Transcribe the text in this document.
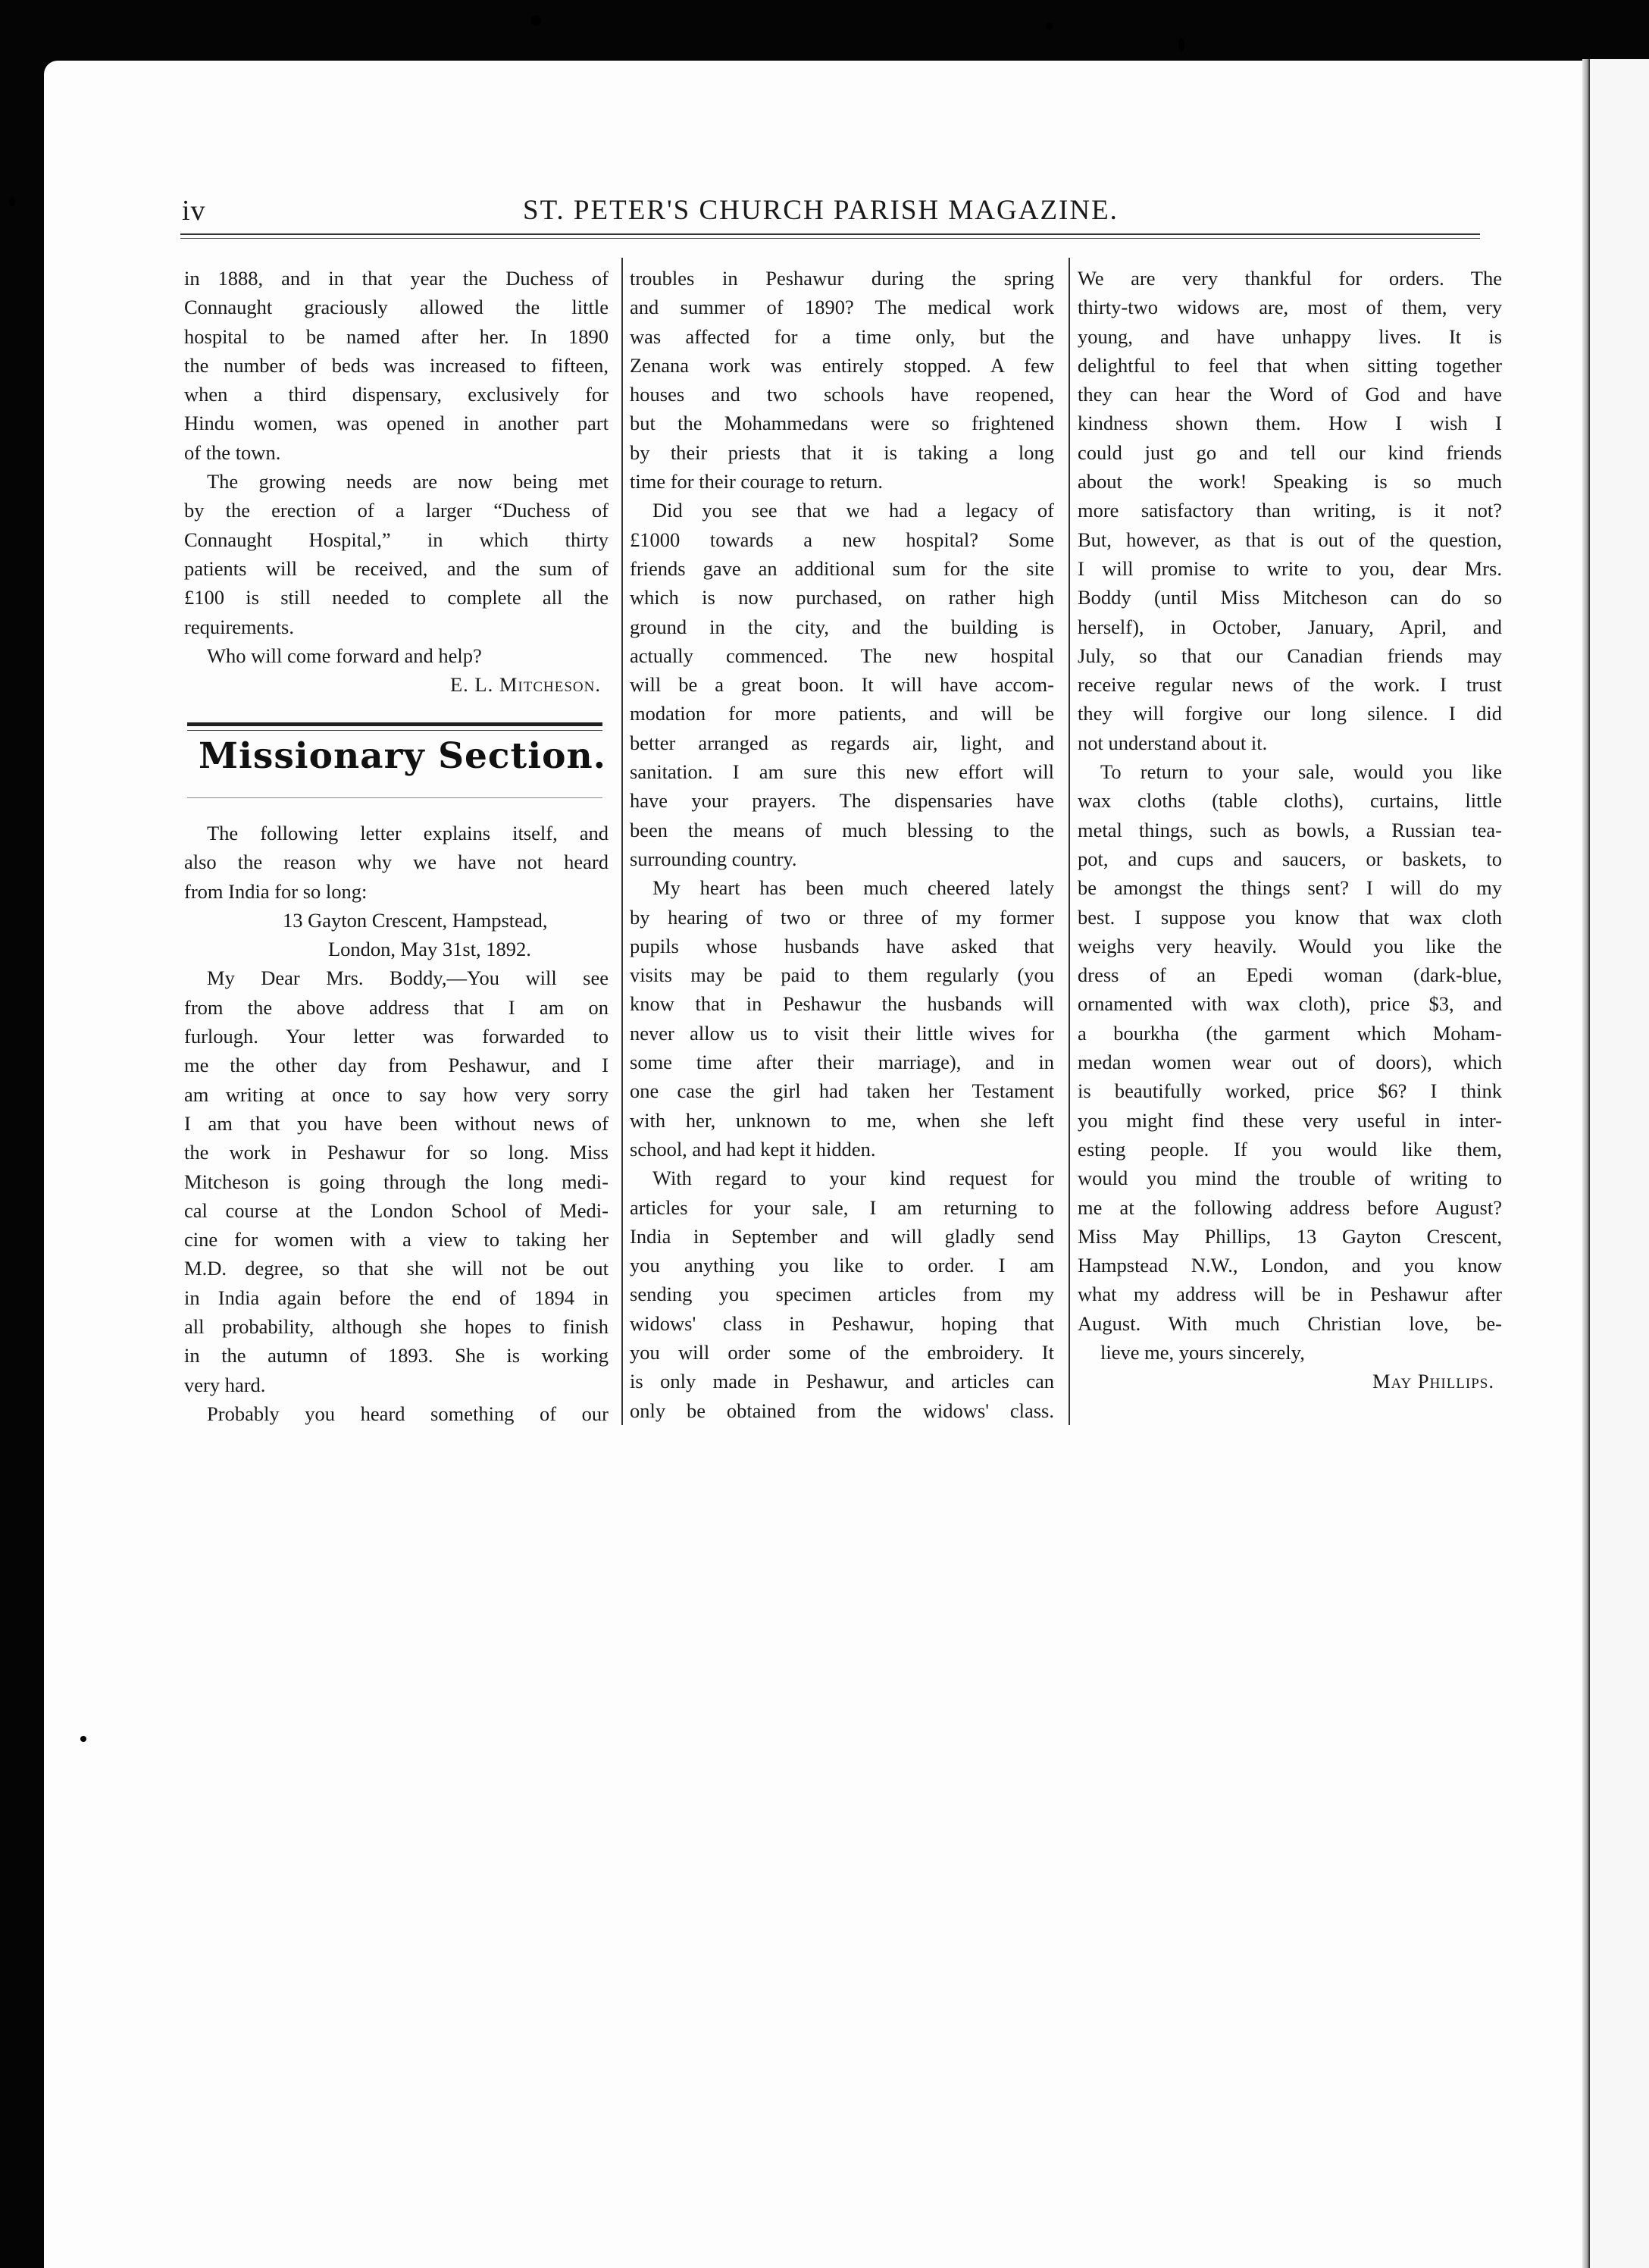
iv	ST. PETER'S CHURCH PARISH MAGAZINE.
in 1888, and in that year the Duchess of
Connaught graciously allowed the little
hospital to be named after her. In 1890
the number of beds was increased to fifteen,
when a third dispensary, exclusively for
Hindu women, was opened in another part
of the town.
The growing needs are now being met
by the erection of a larger “Duchess of
Connaught Hospital,” in which thirty
patients will be received, and the sum of
£100 is still needed to complete all the
requirements.
Who will come forward and help?
E. L. Mitcheson.
Missionary Section.
The following letter explains itself, and
also the reason why we have not heard
from India for so long:
13 Gayton Crescent, Hampstead,
London, May 31st, 1892.
My Dear Mrs. Boddy,—You will see
from the above address that I am on
furlough. Your letter was forwarded to
me the other day from Peshawur, and I
am writing at once to say how very sorry
I am that you have been without news of
the work in Peshawur for so long. Miss
Mitcheson is going through the long medi-
cal course at the London School of Medi-
cine for women with a view to taking her
M.D. degree, so that she will not be out
in India again before the end of 1894 in
all probability, although she hopes to finish
in the autumn of 1893. She is working
very hard.
Probably you heard something of our
troubles in Peshawur during the spring
and summer of 1890? The medical work
was affected for a time only, but the
Zenana work was entirely stopped. A few
houses and two schools have reopened,
but the Mohammedans were so frightened
by their priests that it is taking a long
time for their courage to return.
Did you see that we had a legacy of
£1000 towards a new hospital? Some
friends gave an additional sum for the site
which is now purchased, on rather high
ground in the city, and the building is
actually commenced. The new hospital
will be a great boon. It will have accom-
modation for more patients, and will be
better arranged as regards air, light, and
sanitation. I am sure this new effort will
have your prayers. The dispensaries have
been the means of much blessing to the
surrounding country.
My heart has been much cheered lately
by hearing of two or three of my former
pupils whose husbands have asked that
visits may be paid to them regularly (you
know that in Peshawur the husbands will
never allow us to visit their little wives for
some time after their marriage), and in
one case the girl had taken her Testament
with her, unknown to me, when she left
school, and had kept it hidden.
With regard to your kind request for
articles for your sale, I am returning to
India in September and will gladly send
you anything you like to order. I am
sending you specimen articles from my
widows' class in Peshawur, hoping that
you will order some of the embroidery. It
is only made in Peshawur, and articles can
only be obtained from the widows' class.
We are very thankful for orders. The
thirty-two widows are, most of them, very
young, and have unhappy lives. It is
delightful to feel that when sitting together
they can hear the Word of God and have
kindness shown them. How I wish I
could just go and tell our kind friends
about the work! Speaking is so much
more satisfactory than writing, is it not?
But, however, as that is out of the question,
I will promise to write to you, dear Mrs.
Boddy (until Miss Mitcheson can do so
herself), in October, January, April, and
July, so that our Canadian friends may
receive regular news of the work. I trust
they will forgive our long silence. I did
not understand about it.
To return to your sale, would you like
wax cloths (table cloths), curtains, little
metal things, such as bowls, a Russian tea-
pot, and cups and saucers, or baskets, to
be amongst the things sent? I will do my
best. I suppose you know that wax cloth
weighs very heavily. Would you like the
dress of an Epedi woman (dark-blue,
ornamented with wax cloth), price $3, and
a bourkha (the garment which Moham-
medan women wear out of doors), which
is beautifully worked, price $6? I think
you might find these very useful in inter-
esting people. If you would like them,
would you mind the trouble of writing to
me at the following address before August?
Miss May Phillips, 13 Gayton Crescent,
Hampstead N.W., London, and you know
what my address will be in Peshawur after
August. With much Christian love, be-
lieve me, yours sincerely,
May Phillips.
